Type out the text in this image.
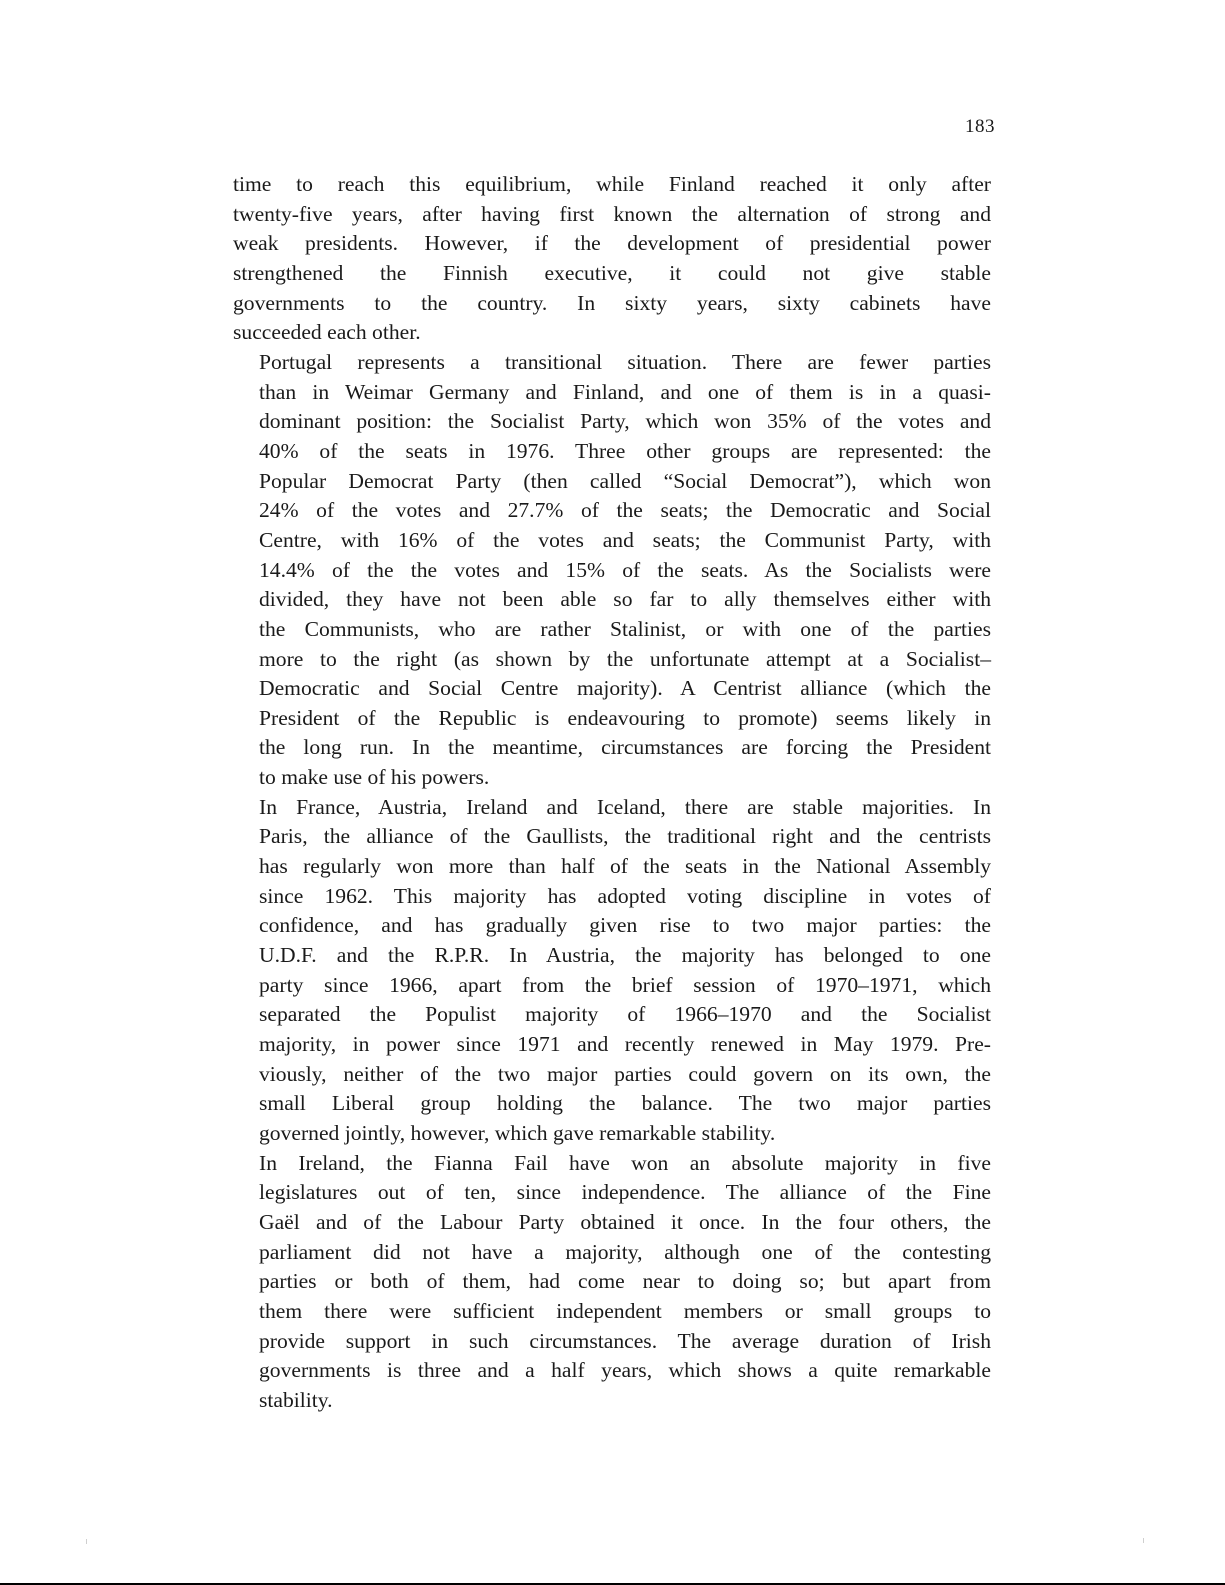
183

time to reach this equilibrium, while Finland reached it only after
twenty-five years, after having first known the alternation of strong and
weak presidents. However, if the development of presidential power
strengthened the Finnish executive, it could not give stable
governments to the country. In sixty years, sixty cabinets have
succeeded each other.

Portugal represents a transitional situation. There are fewer parties
than in Weimar Germany and Finland, and one of them is in a quasi-
dominant position: the Socialist Party, which won 35% of the votes and
40% of the seats in 1976. Three other groups are represented: the
Popular Democrat Party (then called “Social Democrat”), which won
24% of the votes and 27.7% of the seats; the Democratic and Social
Centre, with 16% of the votes and seats; the Communist Party, with
14.4% of the the votes and 15% of the seats. As the Socialists were
divided, they have not been able so far to ally themselves either with
the Communists, who are rather Stalinist, or with one of the parties
more to the right (as shown by the unfortunate attempt at a Socialist–
Democratic and Social Centre majority). A Centrist alliance (which the
President of the Republic is endeavouring to promote) seems likely in
the long run. In the meantime, circumstances are forcing the President
to make use of his powers.

In France, Austria, Ireland and Iceland, there are stable majorities. In
Paris, the alliance of the Gaullists, the traditional right and the centrists
has regularly won more than half of the seats in the National Assembly
since 1962. This majority has adopted voting discipline in votes of
confidence, and has gradually given rise to two major parties: the
U.D.F. and the R.P.R. In Austria, the majority has belonged to one
party since 1966, apart from the brief session of 1970–1971, which
separated the Populist majority of 1966–1970 and the Socialist
majority, in power since 1971 and recently renewed in May 1979. Pre-
viously, neither of the two major parties could govern on its own, the
small Liberal group holding the balance. The two major parties
governed jointly, however, which gave remarkable stability.

In Ireland, the Fianna Fail have won an absolute majority in five
legislatures out of ten, since independence. The alliance of the Fine
Gaël and of the Labour Party obtained it once. In the four others, the
parliament did not have a majority, although one of the contesting
parties or both of them, had come near to doing so; but apart from
them there were sufficient independent members or small groups to
provide support in such circumstances. The average duration of Irish
governments is three and a half years, which shows a quite remarkable
stability.
